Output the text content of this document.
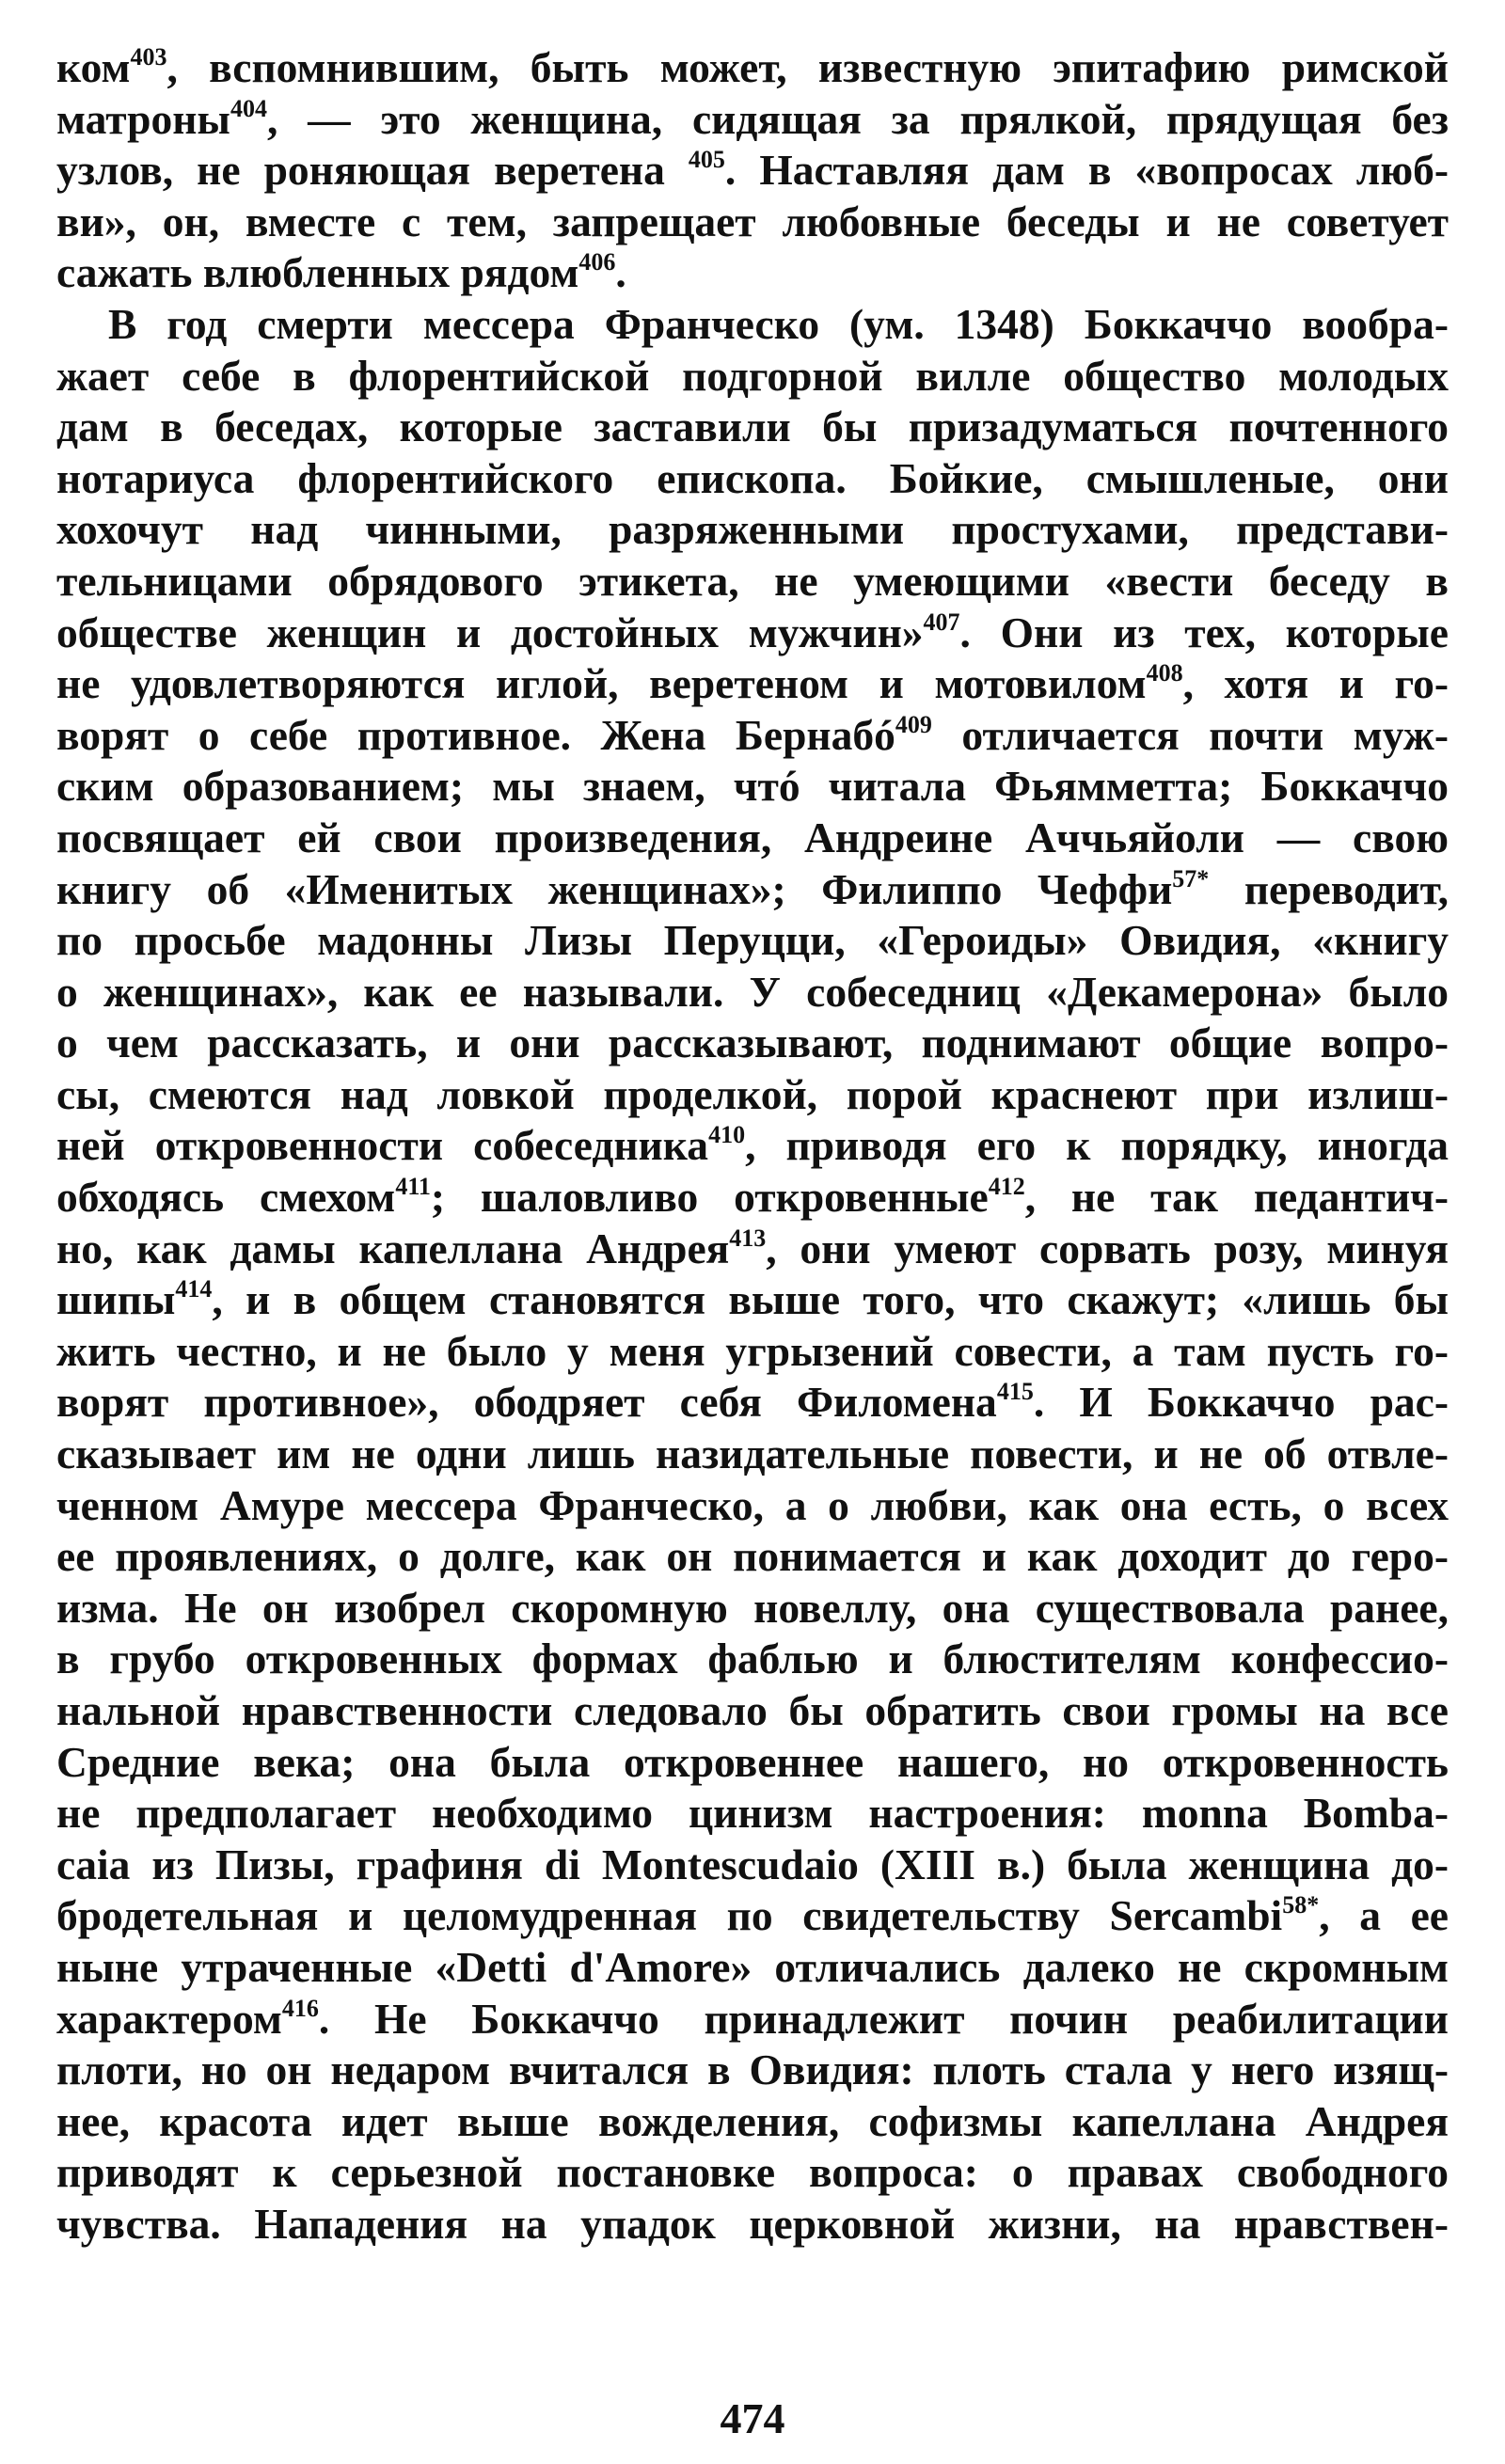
ком$^{403}$, вспомнившим, быть может, известную эпитафию римской
матроны$^{404}$, — это женщина, сидящая за прялкой, прядущая без
узлов, не роняющая веретена $^{405}$. Наставляя дам в «вопросах люб-
ви», он, вместе с тем, запрещает любовные беседы и не советует
сажать влюбленных рядом$^{406}$.
В год смерти мессера Франческо (ум. 1348) Боккаччо вообра-
жает себе в флорентийской подгорной вилле общество молодых
дам в беседах, которые заставили бы призадуматься почтенного
нотариуса флорентийского епископа. Бойкие, смышленые, они
хохочут над чинными, разряженными простухами, представи-
тельницами обрядового этикета, не умеющими «вести беседу в
обществе женщин и достойных мужчин»$^{407}$. Они из тех, которые
не удовлетворяются иглой, веретеном и мотовилом$^{408}$, хотя и го-
ворят о себе противное. Жена Бернабó$^{409}$ отличается почти муж-
ским образованием; мы знаем, чтó читала Фьямметта; Боккаччо
посвящает ей свои произведения, Андреине Аччьяйоли — свою
книгу об «Именитых женщинах»; Филиппо Чеффи$^{57*}$ переводит,
по просьбе мадонны Лизы Перуцци, «Героиды» Овидия, «книгу
о женщинах», как ее называли. У собеседниц «Декамерона» было
о чем рассказать, и они рассказывают, поднимают общие вопро-
сы, смеются над ловкой проделкой, порой краснеют при излиш-
ней откровенности собеседника$^{410}$, приводя его к порядку, иногда
обходясь смехом$^{411}$; шаловливо откровенные$^{412}$, не так педантич-
но, как дамы капеллана Андрея$^{413}$, они умеют сорвать розу, минуя
шипы$^{414}$, и в общем становятся выше того, что скажут; «лишь бы
жить честно, и не было у меня угрызений совести, а там пусть го-
ворят противное», ободряет себя Филомена$^{415}$. И Боккаччо рас-
сказывает им не одни лишь назидательные повести, и не об отвле-
ченном Амуре мессера Франческо, а о любви, как она есть, о всех
ее проявлениях, о долге, как он понимается и как доходит до геро-
изма. Не он изобрел скоромную новеллу, она существовала ранее,
в грубо откровенных формах фаблью и блюстителям конфессио-
нальной нравственности следовало бы обратить свои громы на все
Средние века; она была откровеннее нашего, но откровенность
не предполагает необходимо цинизм настроения: monna Bomba-
caia из Пизы, графиня di Montescudaio (XIII в.) была женщина до-
бродетельная и целомудренная по свидетельству Sercambi$^{58*}$, а ее
ныне утраченные «Detti d'Amore» отличались далеко не скромным
характером$^{416}$. Не Боккаччо принадлежит почин реабилитации
плоти, но он недаром вчитался в Овидия: плоть стала у него изящ-
нее, красота идет выше вожделения, софизмы капеллана Андрея
приводят к серьезной постановке вопроса: о правах свободного
чувства. Нападения на упадок церковной жизни, на нравствен-
474
